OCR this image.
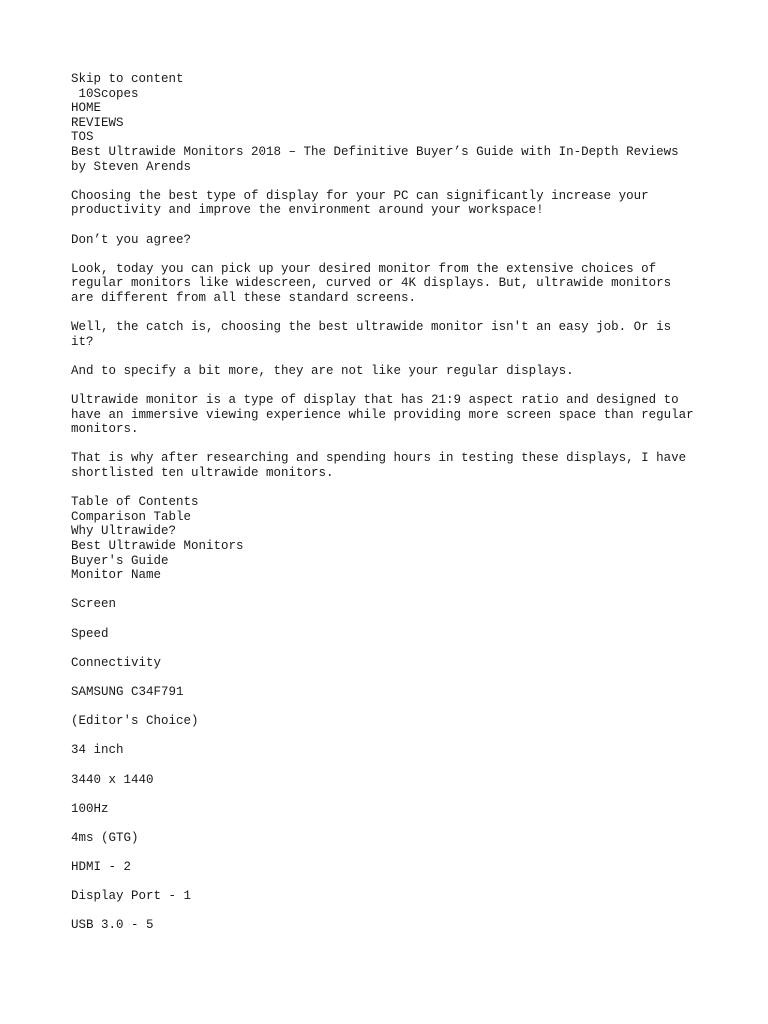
Skip to content
10Scopes
HOME
REVIEWS
TOS
Best Ultrawide Monitors 2018 – The Definitive Buyer’s Guide with In-Depth Reviews
by Steven Arends

Choosing the best type of display for your PC can significantly increase your
productivity and improve the environment around your workspace!

Don’t you agree?

Look, today you can pick up your desired monitor from the extensive choices of
regular monitors like widescreen, curved or 4K displays. But, ultrawide monitors
are different from all these standard screens.

Well, the catch is, choosing the best ultrawide monitor isn't an easy job. Or is
it?

And to specify a bit more, they are not like your regular displays.

Ultrawide monitor is a type of display that has 21:9 aspect ratio and designed to
have an immersive viewing experience while providing more screen space than regular
monitors.

That is why after researching and spending hours in testing these displays, I have
shortlisted ten ultrawide monitors.

Table of Contents
Comparison Table
Why Ultrawide?
Best Ultrawide Monitors
Buyer's Guide

Monitor Name

Screen

Speed

Connectivity

SAMSUNG C34F791

(Editor's Choice)

34 inch

3440 x 1440

100Hz

4ms (GTG)

HDMI - 2

Display Port - 1

USB 3.0 - 5
